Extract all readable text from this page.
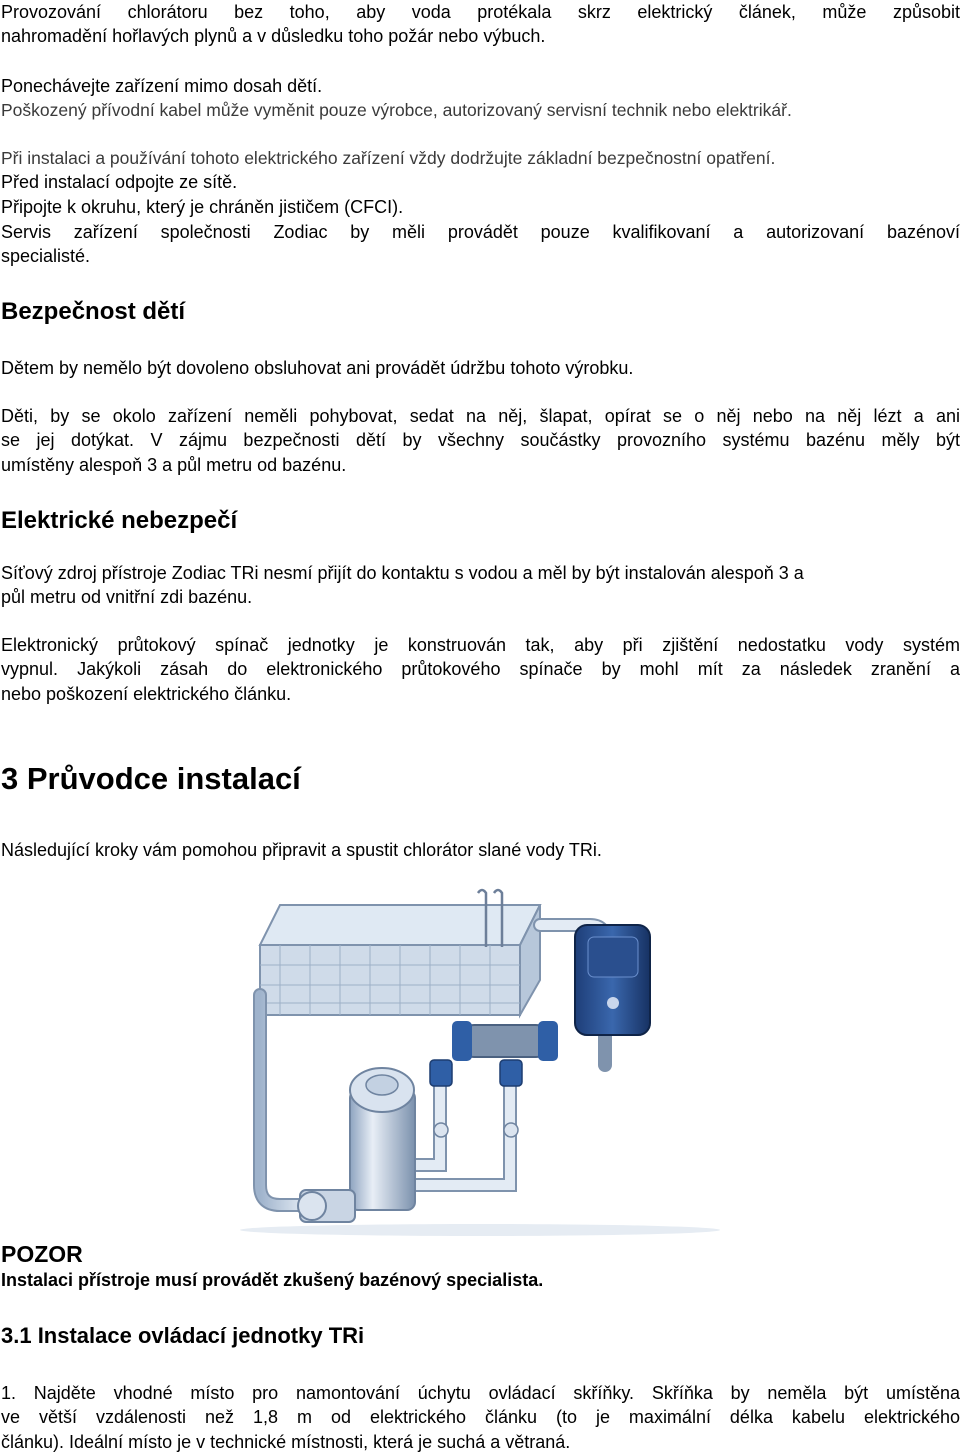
Provozování chlorátoru bez toho, aby voda protékala skrz elektrický článek, může způsobit
nahromadění hořlavých plynů a v důsledku toho požár nebo výbuch.
Ponechávejte zařízení mimo dosah dětí.
Poškozený přívodní kabel může vyměnit pouze výrobce, autorizovaný servisní technik nebo elektrikář.
Při instalaci a používání tohoto elektrického zařízení vždy dodržujte základní bezpečnostní opatření.
Před instalací odpojte ze sítě.
Připojte k okruhu, který je chráněn jističem (CFCI).
Servis zařízení společnosti Zodiac by měli provádět pouze kvalifikovaní a autorizovaní bazénoví
specialisté.
Bezpečnost dětí
Dětem by nemělo být dovoleno obsluhovat ani provádět údržbu tohoto výrobku.
Děti, by se okolo zařízení neměli pohybovat, sedat na něj, šlapat, opírat se o něj nebo na něj lézt a ani
se jej dotýkat. V zájmu bezpečnosti dětí by všechny součástky provozního systému bazénu měly být
umístěny alespoň 3 a půl metru od bazénu.
Elektrické nebezpečí
Síťový zdroj přístroje Zodiac TRi nesmí přijít do kontaktu s vodou a měl by být instalován alespoň 3 a
půl metru od vnitřní zdi bazénu.
Elektronický průtokový spínač jednotky je konstruován tak, aby při zjištění nedostatku vody systém
vypnul. Jakýkoli zásah do elektronického průtokového spínače by mohl mít za následek zranění a
nebo poškození elektrického článku.
3 Průvodce instalací
Následující kroky vám pomohou připravit a spustit chlorátor slané vody TRi.
POZOR
Instalaci přístroje musí provádět zkušený bazénový specialista.
3.1 Instalace ovládací jednotky TRi
1. Najděte vhodné místo pro namontování úchytu ovládací skříňky. Skříňka by neměla být umístěna
ve větší vzdálenosti než 1,8 m od elektrického článku (to je maximální délka kabelu elektrického
článku). Ideální místo je v technické místnosti, která je suchá a větraná.
